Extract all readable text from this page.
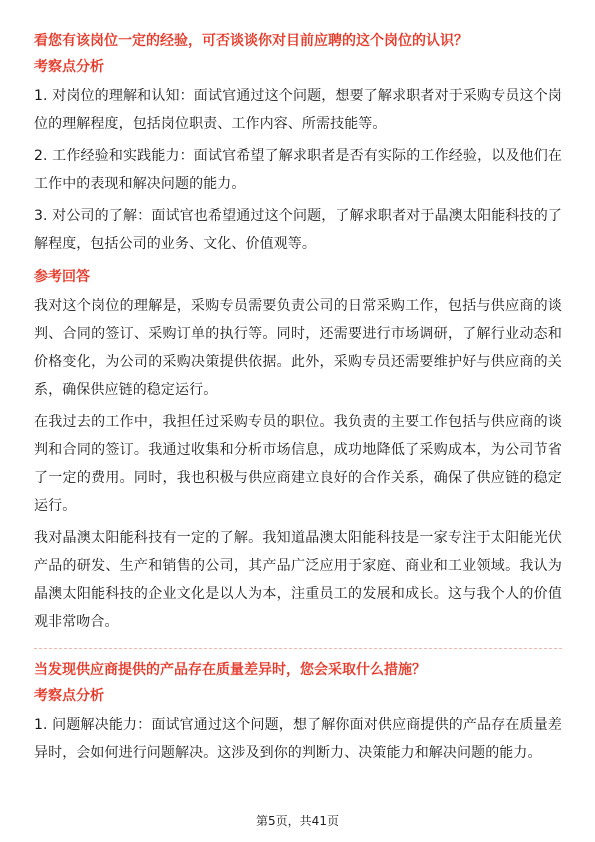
看您有该岗位一定的经验，可否谈谈你对目前应聘的这个岗位的认识？
考察点分析

1. 对岗位的理解和认知：面试官通过这个问题，想要了解求职者对于采购专员这个岗位的理解程度，包括岗位职责、工作内容、所需技能等。

2. 工作经验和实践能力：面试官希望了解求职者是否有实际的工作经验，以及他们在工作中的表现和解决问题的能力。

3. 对公司的了解：面试官也希望通过这个问题，了解求职者对于晶澳太阳能科技的了解程度，包括公司的业务、文化、价值观等。

参考回答

我对这个岗位的理解是，采购专员需要负责公司的日常采购工作，包括与供应商的谈判、合同的签订、采购订单的执行等。同时，还需要进行市场调研，了解行业动态和价格变化，为公司的采购决策提供依据。此外，采购专员还需要维护好与供应商的关系，确保供应链的稳定运行。

在我过去的工作中，我担任过采购专员的职位。我负责的主要工作包括与供应商的谈判和合同的签订。我通过收集和分析市场信息，成功地降低了采购成本，为公司节省了一定的费用。同时，我也积极与供应商建立良好的合作关系，确保了供应链的稳定运行。

我对晶澳太阳能科技有一定的了解。我知道晶澳太阳能科技是一家专注于太阳能光伏产品的研发、生产和销售的公司，其产品广泛应用于家庭、商业和工业领域。我认为晶澳太阳能科技的企业文化是以人为本，注重员工的发展和成长。这与我个人的价值观非常吻合。

当发现供应商提供的产品存在质量差异时，您会采取什么措施？
考察点分析

1. 问题解决能力：面试官通过这个问题，想了解你面对供应商提供的产品存在质量差异时，会如何进行问题解决。这涉及到你的判断力、决策能力和解决问题的能力。

第5页，共41页
